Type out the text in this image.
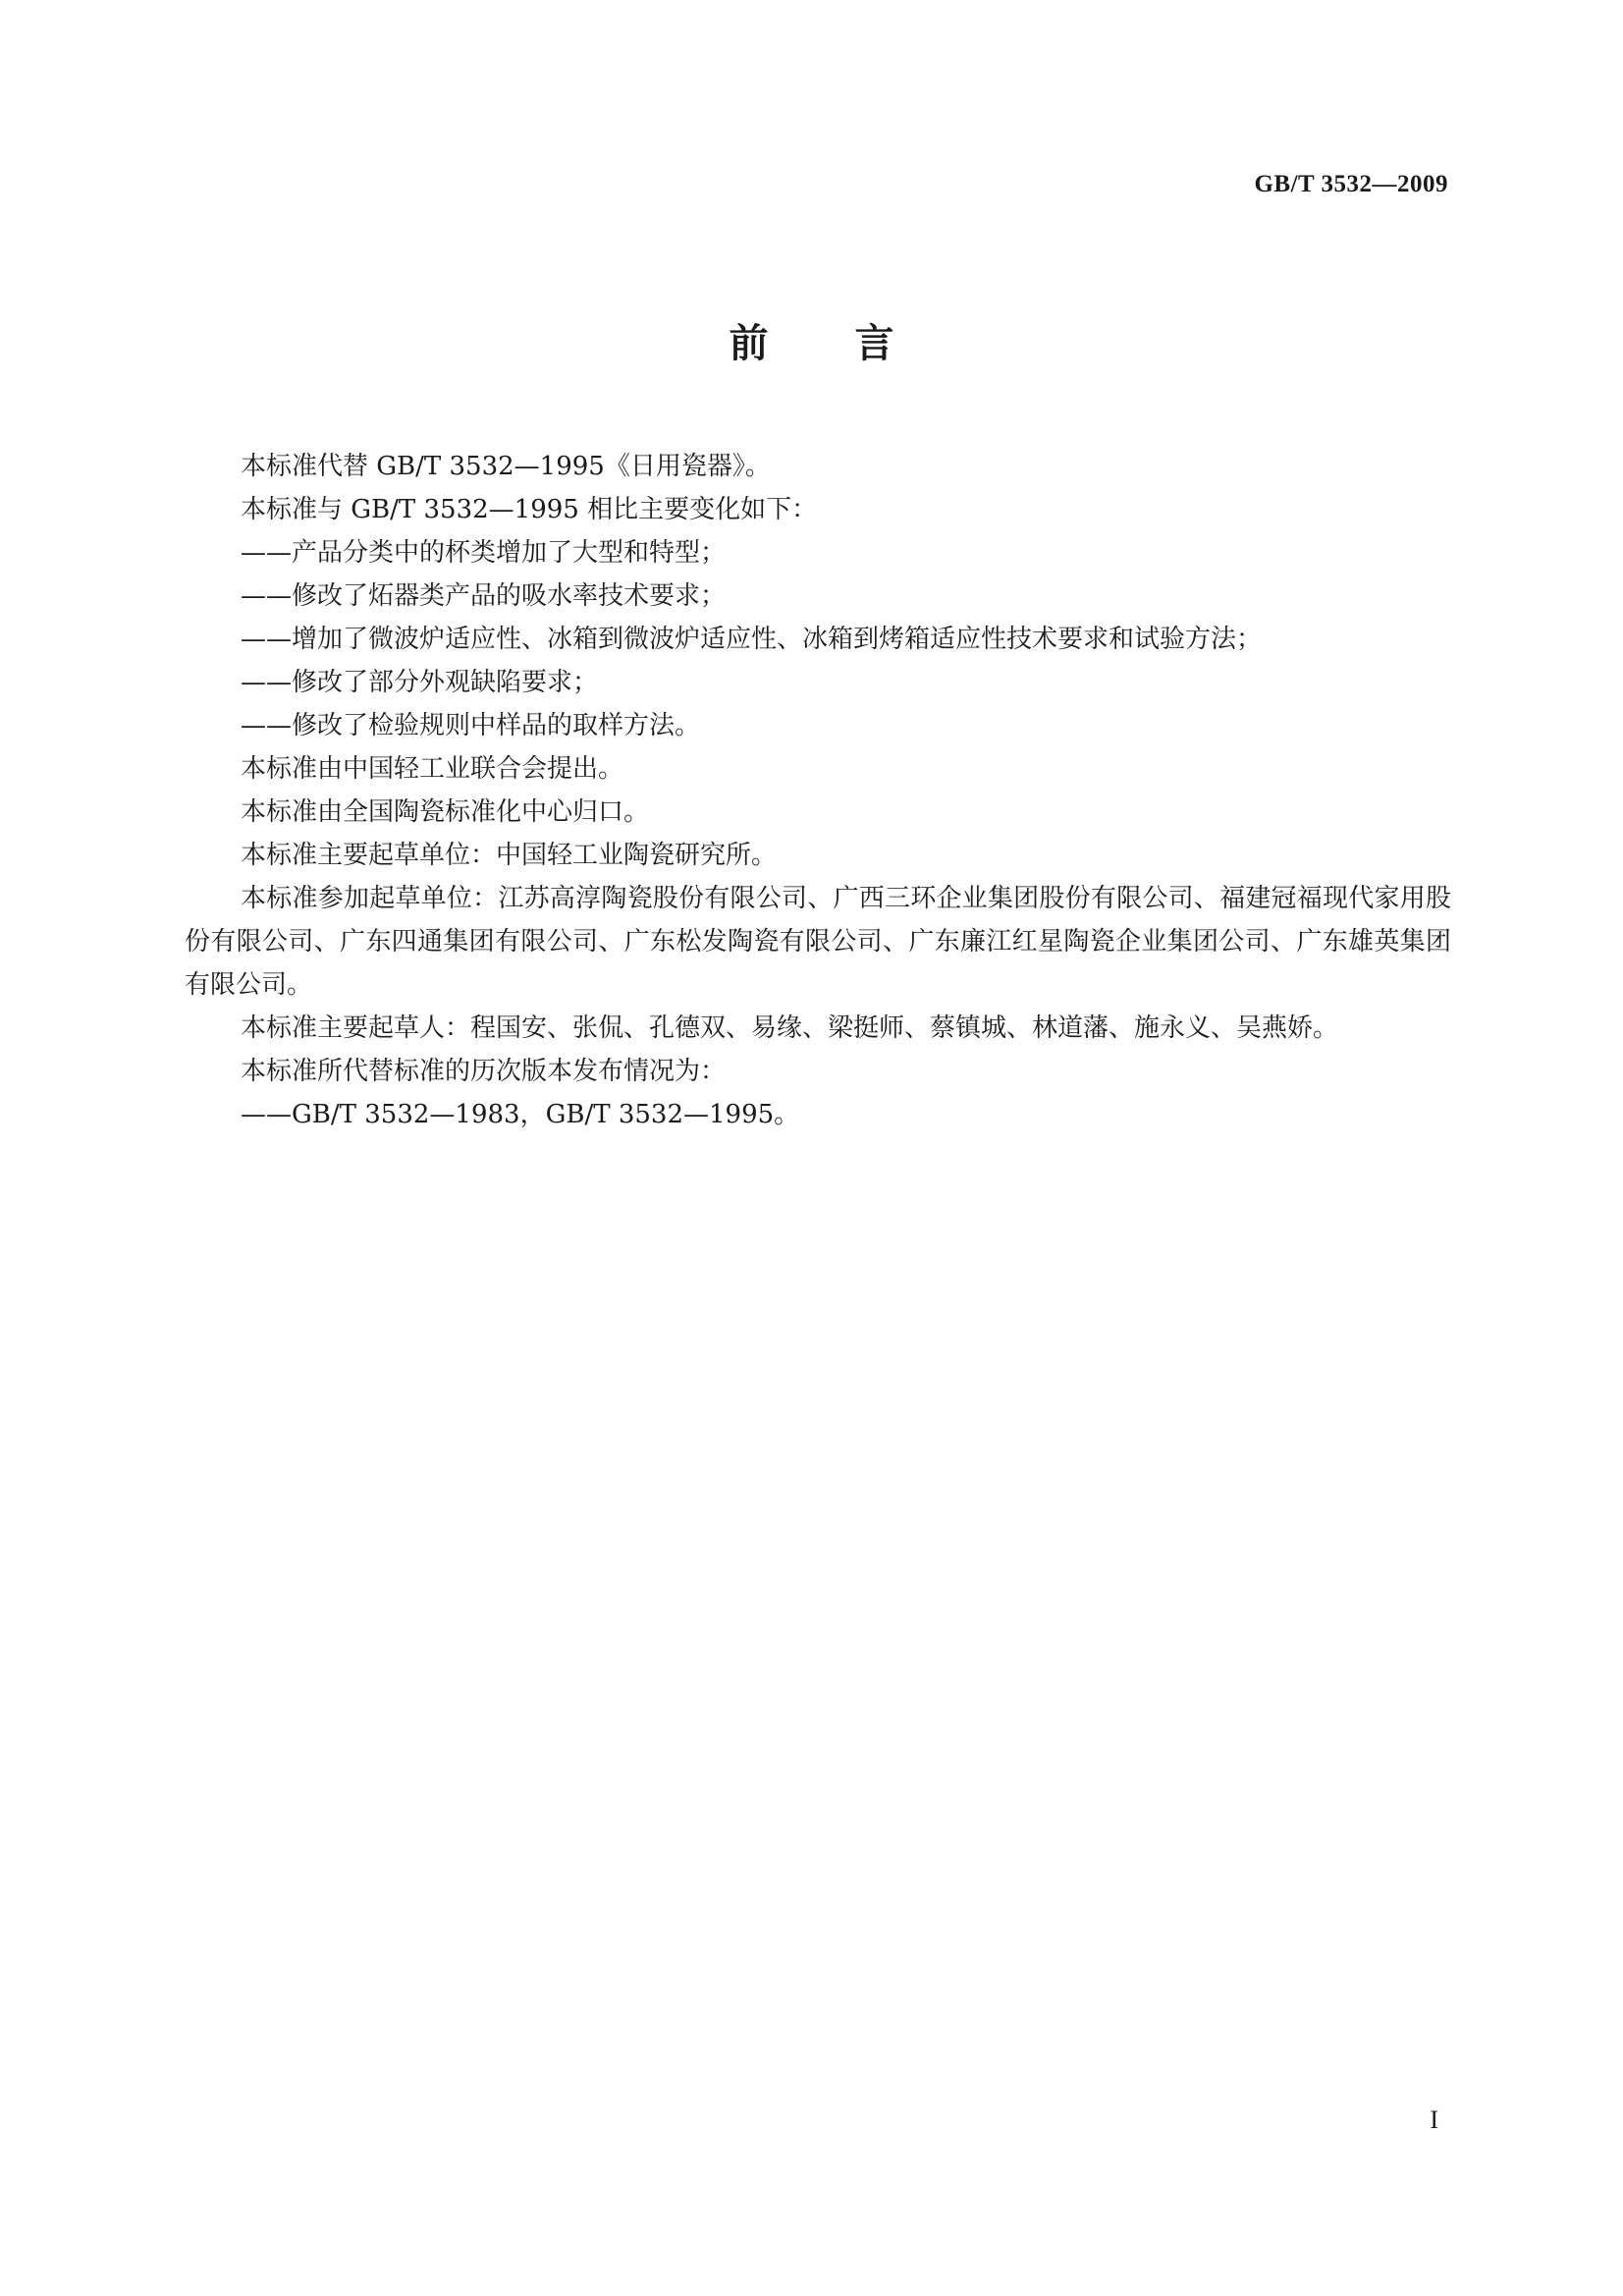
GB/T 3532—2009
前言

本标准代替 GB/T 3532—1995《日用瓷器》。

本标准与 GB/T 3532—1995 相比主要变化如下：

——产品分类中的杯类增加了大型和特型；

——修改了炻器类产品的吸水率技术要求；

——增加了微波炉适应性、冰箱到微波炉适应性、冰箱到烤箱适应性技术要求和试验方法；

——修改了部分外观缺陷要求；

——修改了检验规则中样品的取样方法。

本标准由中国轻工业联合会提出。

本标准由全国陶瓷标准化中心归口。

本标准主要起草单位：中国轻工业陶瓷研究所。

本标准参加起草单位：江苏高淳陶瓷股份有限公司、广西三环企业集团股份有限公司、福建冠福现代家用股份有限公司、广东四通集团有限公司、广东松发陶瓷有限公司、广东廉江红星陶瓷企业集团公司、广东雄英集团有限公司。

本标准主要起草人：程国安、张侃、孔德双、易缘、梁挺师、蔡镇城、林道藩、施永义、吴燕娇。

本标准所代替标准的历次版本发布情况为：

——GB/T 3532—1983，GB/T 3532—1995。

I
